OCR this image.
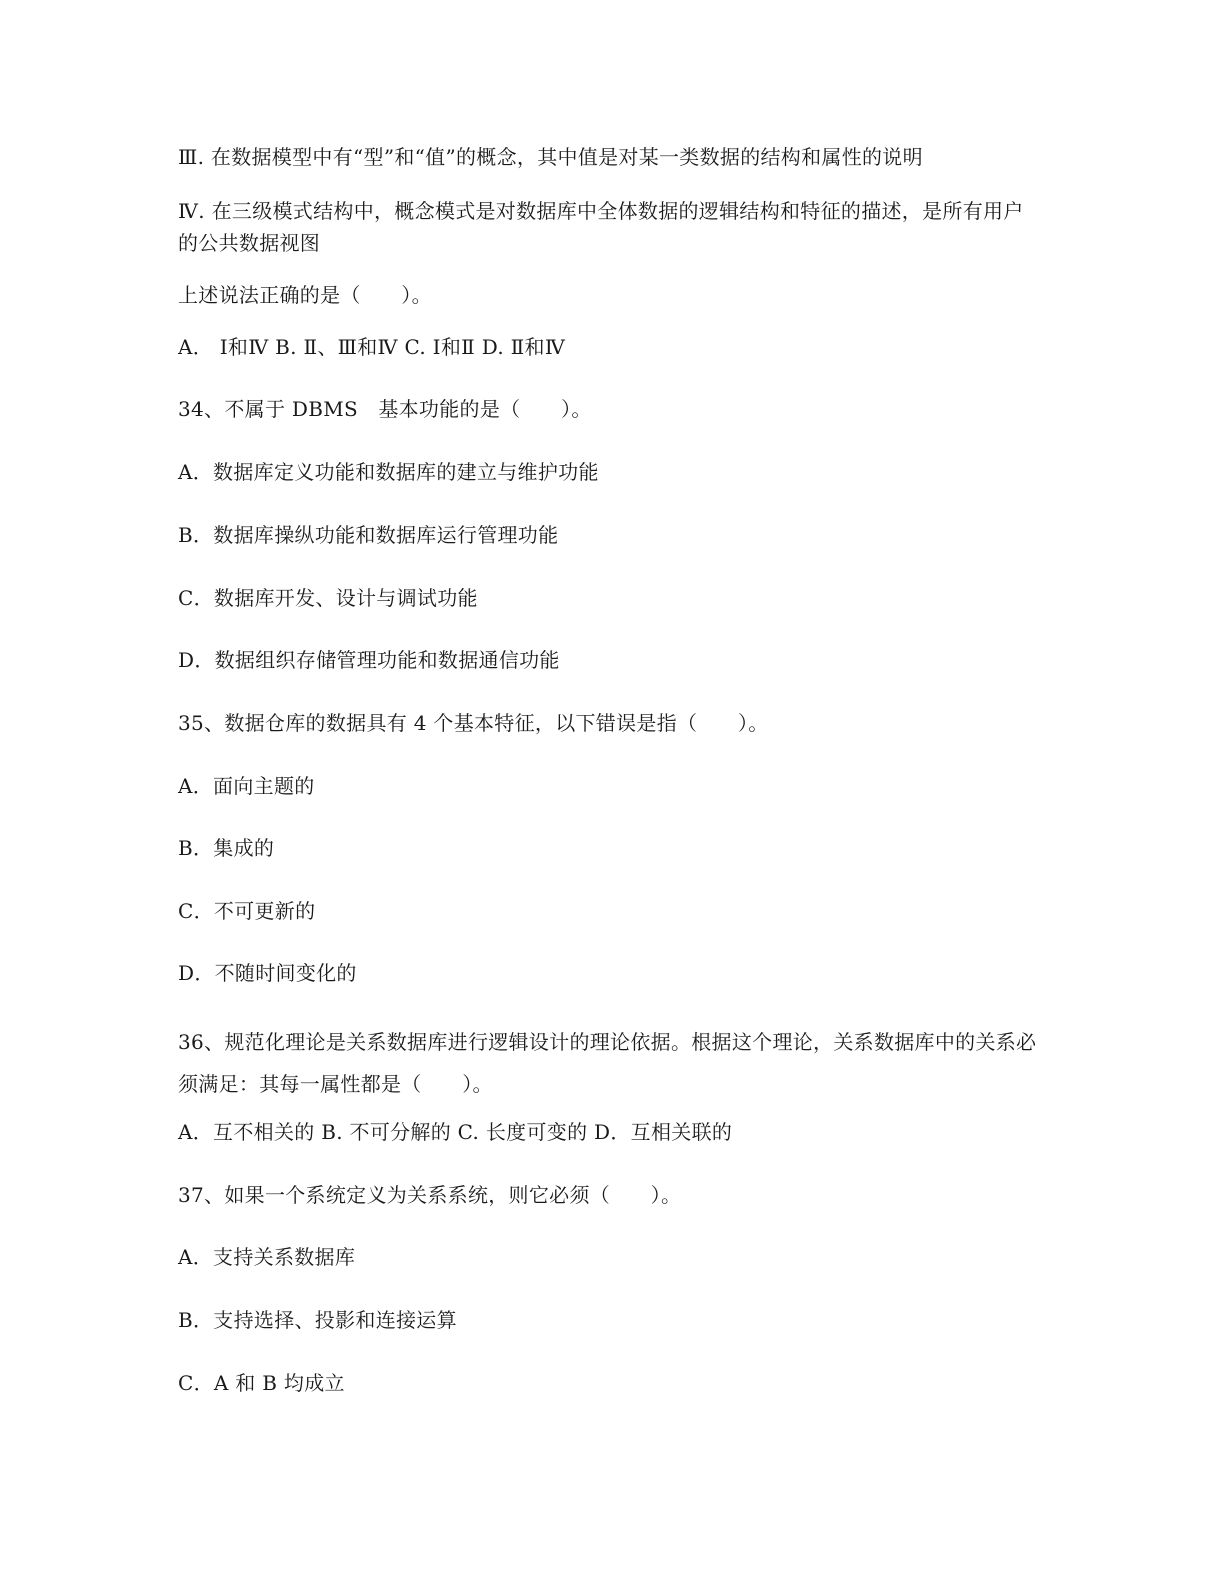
Ⅲ. 在数据模型中有“型”和“值”的概念，其中值是对某一类数据的结构和属性的说明
Ⅳ. 在三级模式结构中，概念模式是对数据库中全体数据的逻辑结构和特征的描述，是所有用户的公共数据视图
上述说法正确的是（　　）。
A． Ⅰ和Ⅳ B. Ⅱ、Ⅲ和Ⅳ C. Ⅰ和Ⅱ D. Ⅱ和Ⅳ
34、不属于 DBMS　基本功能的是（　　）。
A．数据库定义功能和数据库的建立与维护功能
B．数据库操纵功能和数据库运行管理功能
C．数据库开发、设计与调试功能
D．数据组织存储管理功能和数据通信功能
35、数据仓库的数据具有 4 个基本特征，以下错误是指（　　）。
A．面向主题的
B．集成的
C．不可更新的
D．不随时间变化的
36、规范化理论是关系数据库进行逻辑设计的理论依据。根据这个理论，关系数据库中的关系必须满足：其每一属性都是（　　）。
A．互不相关的 B. 不可分解的 C. 长度可变的 D．互相关联的
37、如果一个系统定义为关系系统，则它必须（　　）。
A．支持关系数据库
B．支持选择、投影和连接运算
C．A 和 B 均成立
